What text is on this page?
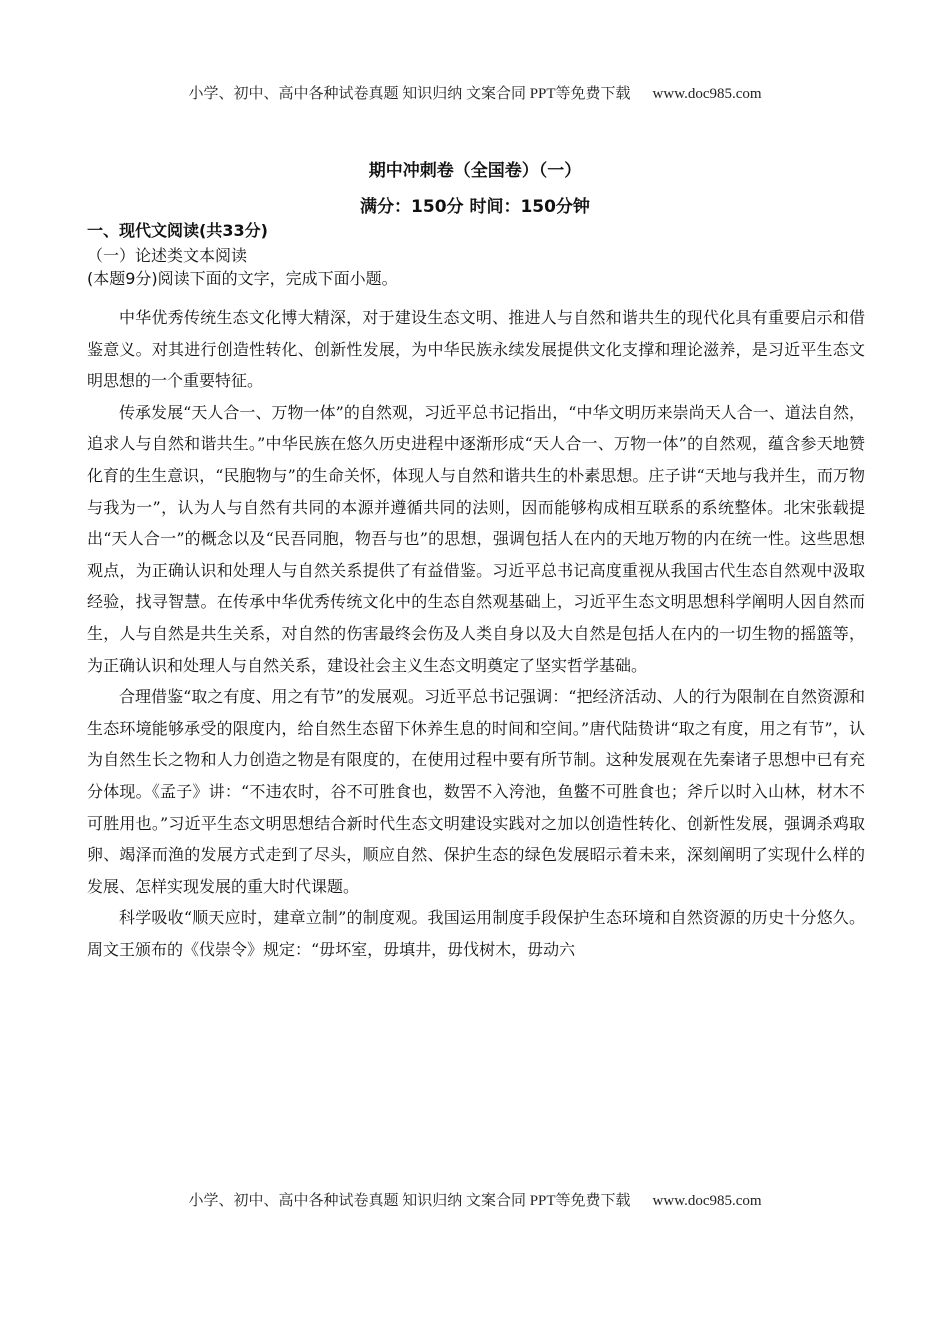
小学、初中、高中各种试卷真题 知识归纳 文案合同 PPT等免费下载 www.doc985.com
期中冲刺卷（全国卷）（一）
满分：150分 时间：150分钟
一、现代文阅读(共33分)
（一）论述类文本阅读
(本题9分)阅读下面的文字，完成下面小题。

中华优秀传统生态文化博大精深，对于建设生态文明、推进人与自然和谐共生的现代化具有重要启示和借鉴意义。对其进行创造性转化、创新性发展，为中华民族永续发展提供文化支撑和理论滋养，是习近平生态文明思想的一个重要特征。

传承发展“天人合一、万物一体”的自然观，习近平总书记指出，“中华文明历来崇尚天人合一、道法自然，追求人与自然和谐共生。”中华民族在悠久历史进程中逐渐形成“天人合一、万物一体”的自然观，蕴含参天地赞化育的生生意识，“民胞物与”的生命关怀，体现人与自然和谐共生的朴素思想。庄子讲“天地与我并生，而万物与我为一”，认为人与自然有共同的本源并遵循共同的法则，因而能够构成相互联系的系统整体。北宋张载提出“天人合一”的概念以及“民吾同胞，物吾与也”的思想，强调包括人在内的天地万物的内在统一性。这些思想观点，为正确认识和处理人与自然关系提供了有益借鉴。习近平总书记高度重视从我国古代生态自然观中汲取经验，找寻智慧。在传承中华优秀传统文化中的生态自然观基础上，习近平生态文明思想科学阐明人因自然而生，人与自然是共生关系，对自然的伤害最终会伤及人类自身以及大自然是包括人在内的一切生物的摇篮等，为正确认识和处理人与自然关系，建设社会主义生态文明奠定了坚实哲学基础。

合理借鉴“取之有度、用之有节”的发展观。习近平总书记强调：“把经济活动、人的行为限制在自然资源和生态环境能够承受的限度内，给自然生态留下休养生息的时间和空间。”唐代陆贽讲“取之有度，用之有节”，认为自然生长之物和人力创造之物是有限度的，在使用过程中要有所节制。这种发展观在先秦诸子思想中已有充分体现。《孟子》讲：“不违农时，谷不可胜食也，数罟不入洿池，鱼鳖不可胜食也；斧斤以时入山林，材木不可胜用也。”习近平生态文明思想结合新时代生态文明建设实践对之加以创造性转化、创新性发展，强调杀鸡取卵、竭泽而渔的发展方式走到了尽头，顺应自然、保护生态的绿色发展昭示着未来，深刻阐明了实现什么样的发展、怎样实现发展的重大时代课题。

科学吸收“顺天应时，建章立制”的制度观。我国运用制度手段保护生态环境和自然资源的历史十分悠久。周文王颁布的《伐崇令》规定：“毋坏室，毋填井，毋伐树木，毋动六

小学、初中、高中各种试卷真题 知识归纳 文案合同 PPT等免费下载 www.doc985.com
